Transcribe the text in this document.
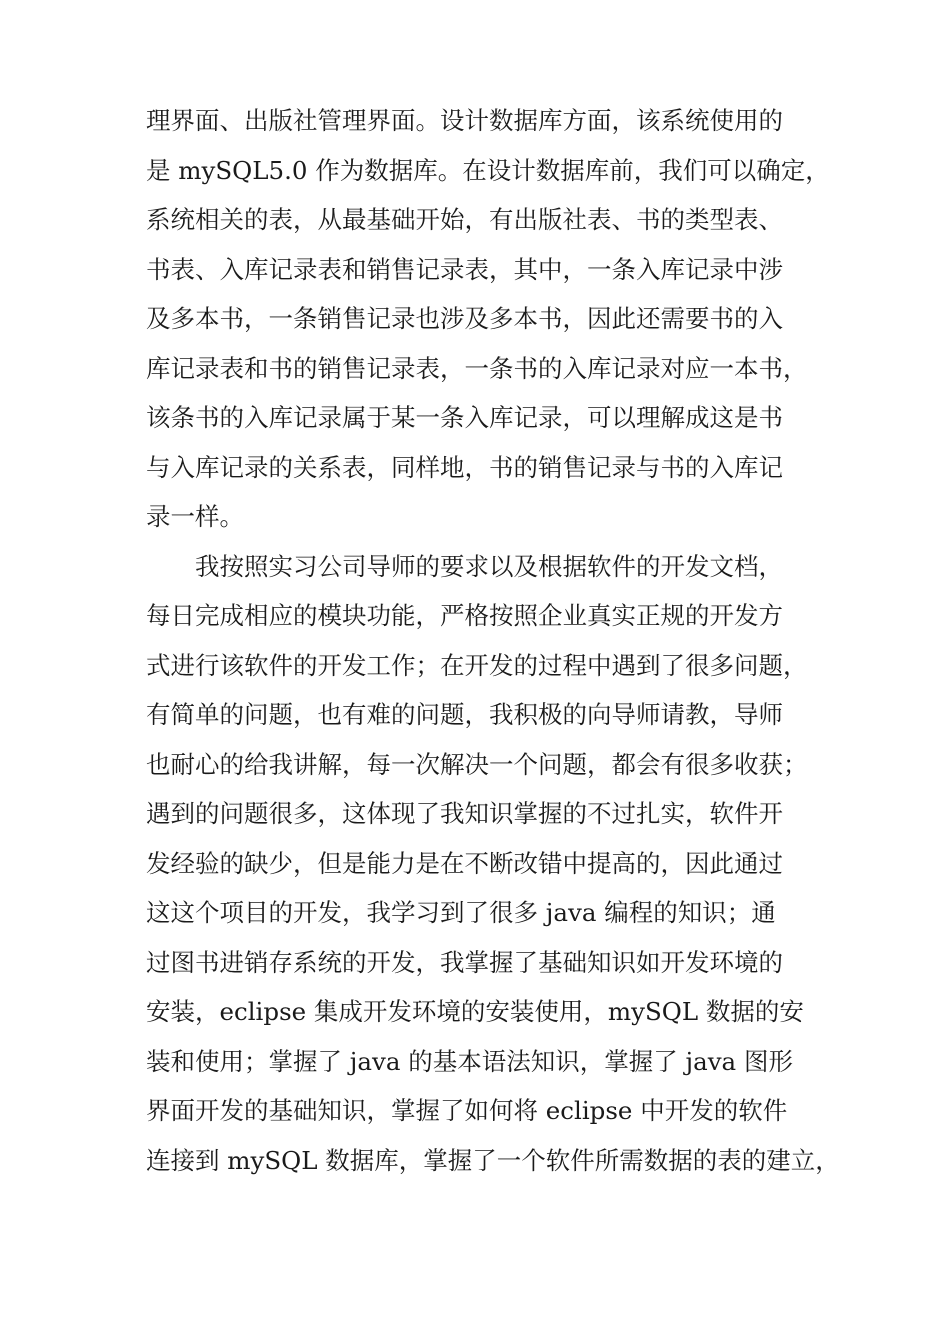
理界面、出版社管理界面。设计数据库方面，该系统使用的
是 mySQL5.0 作为数据库。在设计数据库前，我们可以确定，
系统相关的表，从最基础开始，有出版社表、书的类型表、
书表、入库记录表和销售记录表，其中，一条入库记录中涉
及多本书，一条销售记录也涉及多本书，因此还需要书的入
库记录表和书的销售记录表，一条书的入库记录对应一本书，
该条书的入库记录属于某一条入库记录，可以理解成这是书
与入库记录的关系表，同样地，书的销售记录与书的入库记
录一样。
我按照实习公司导师的要求以及根据软件的开发文档，
每日完成相应的模块功能，严格按照企业真实正规的开发方
式进行该软件的开发工作；在开发的过程中遇到了很多问题，
有简单的问题，也有难的问题，我积极的向导师请教，导师
也耐心的给我讲解，每一次解决一个问题，都会有很多收获；
遇到的问题很多，这体现了我知识掌握的不过扎实，软件开
发经验的缺少，但是能力是在不断改错中提高的，因此通过
这这个项目的开发，我学习到了很多 java 编程的知识；通
过图书进销存系统的开发，我掌握了基础知识如开发环境的
安装，eclipse 集成开发环境的安装使用，mySQL 数据的安
装和使用；掌握了 java 的基本语法知识，掌握了 java 图形
界面开发的基础知识，掌握了如何将 eclipse 中开发的软件
连接到 mySQL 数据库，掌握了一个软件所需数据的表的建立，
